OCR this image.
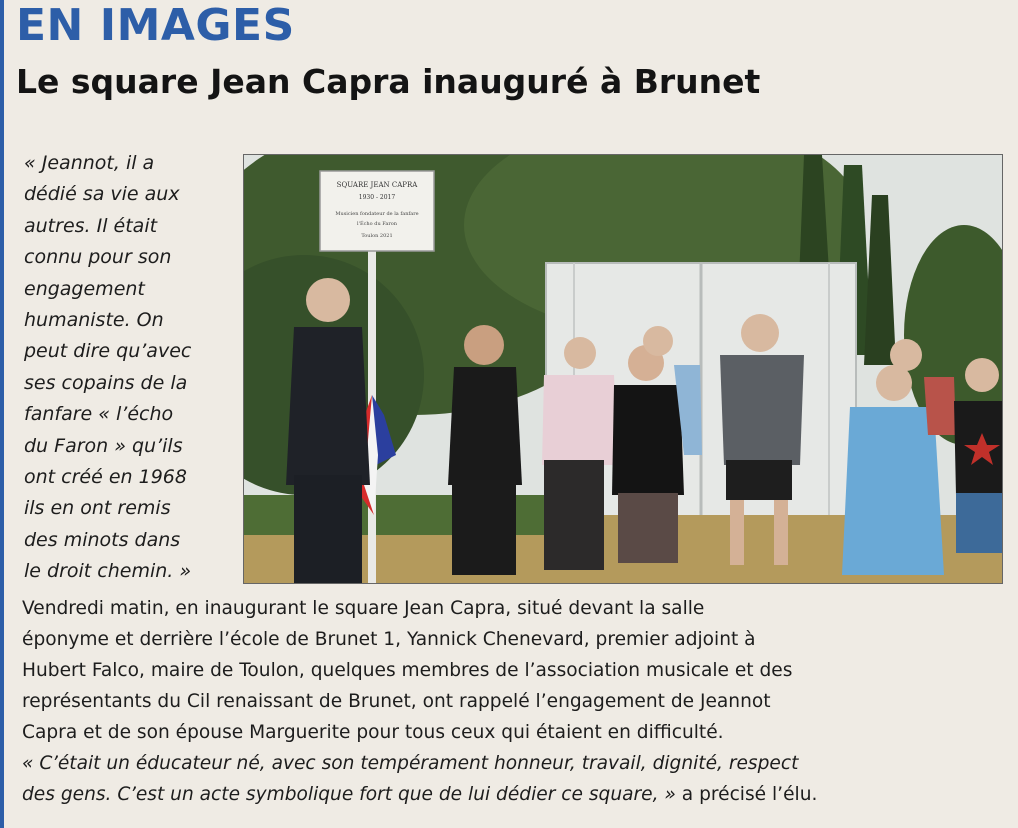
EN IMAGES
Le square Jean Capra inauguré à Brunet
« Jeannot, il a
dédié sa vie aux
autres. Il était
connu pour son
engagement
humaniste. On
peut dire qu’avec
ses copains de la
fanfare « l’écho
du Faron » qu’ils
ont créé en 1968
ils en ont remis
des minots dans
le droit chemin. »
SQUARE JEAN CAPRA
1930 - 2017
Musicien fondateur de la fanfare
l'Écho du Faron
Toulon 2021
Vendredi matin, en inaugurant le square Jean Capra, situé devant la salle
éponyme et derrière l’école de Brunet 1, Yannick Chenevard, premier adjoint à
Hubert Falco, maire de Toulon, quelques membres de l’association musicale et des
représentants du Cil renaissant de Brunet, ont rappelé l’engagement de Jeannot
Capra et de son épouse Marguerite pour tous ceux qui étaient en difficulté.
« C’était un éducateur né, avec son tempérament honneur, travail, dignité, respect
des gens. C’est un acte symbolique fort que de lui dédier ce square, » a précisé l’élu.
